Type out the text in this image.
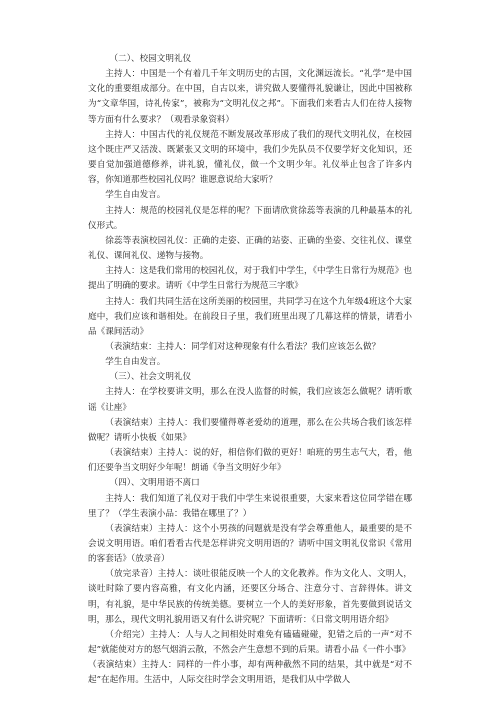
（二）、校园文明礼仪

主持人：中国是一个有着几千年文明历史的古国，文化渊远流长。“礼学”是中国文化的重要组成部分。在中国，自古以来，讲究做人要懂得礼貌谦让，因此中国被称为“文章华国，诗礼传家”，被称为“文明礼仪之邦”。下面我们来看古人们在待人接物等方面有什么要求？（观看录象资料）

主持人：中国古代的礼仪规范不断发展改革形成了我们的现代文明礼仪，在校园这个既庄严又活泼、既紧张又文明的环境中，我们少先队员不仅要学好文化知识，还要自觉加强道德修养，讲礼貌，懂礼仪，做一个文明少年。礼仪举止包含了许多内容，你知道那些校园礼仪吗？谁愿意说给大家听？

学生自由发言。

主持人：规范的校园礼仪是怎样的呢？下面请欣赏徐蕊等表演的几种最基本的礼仪形式。

徐蕊等表演校园礼仪：正确的走姿、正确的站姿、正确的坐姿、交往礼仪、课堂礼仪、课间礼仪、递物与接物。

主持人：这是我们常用的校园礼仪，对于我们中学生，《中学生日常行为规范》也提出了明确的要求。请听《中学生日常行为规范三字歌》

主持人：我们共同生活在这所美丽的校园里，共同学习在这个九年级4班这个大家庭中，我们应该和谐相处。在前段日子里，我们班里出现了几幕这样的情景，请看小品《课间活动》

（表演结束：主持人：同学们对这种现象有什么看法？我们应该怎么做？

学生自由发言。

（三）、社会文明礼仪

主持人：在学校要讲文明，那么在没人监督的时候，我们应该怎么做呢？请听歌谣《让座》

（表演结束）主持人：我们要懂得尊老爱幼的道理，那么在公共场合我们该怎样做呢？请听小快板《如果》

（表演结束）主持人：说的好，相信你们做的更好！咱班的男生志气大，看，他们还要争当文明好少年呢！朗诵《争当文明好少年》

（四）、文明用语不离口

主持人：我们知道了礼仪对于我们中学生来说很重要，大家来看这位同学错在哪里了？（学生表演小品：我错在哪里了？）

（表演结束）主持人：这个小男孩的问题就是没有学会尊重他人，最重要的是不会说文明用语。咱们看看古代是怎样讲究文明用语的？请听中国文明礼仪常识《常用的客套话》（放录音）

（放完录音）主持人：谈吐很能反映一个人的文化教养。作为文化人、文明人，谈吐时除了要内容高雅，有文化内涵，还要区分场合、注意分寸、言辞得体。讲文明，有礼貌，是中华民族的传统美德。要树立一个人的美好形象，首先要做到说话文明，那么，现代文明礼貌用语又有什么讲究呢？下面请听：《日常文明用语介绍》

（介绍完）主持人：人与人之间相处时难免有磕磕碰碰，犯错之后的一声“对不起”就能使对方的怒气烟消云散，不然会产生意想不到的后果。请看小品《一件小事》

（表演结束）主持人：同样的一件小事，却有两种截然不同的结果，其中就是“对不起”在起作用。生活中，人际交往时学会文明用语，是我们从中学做人
